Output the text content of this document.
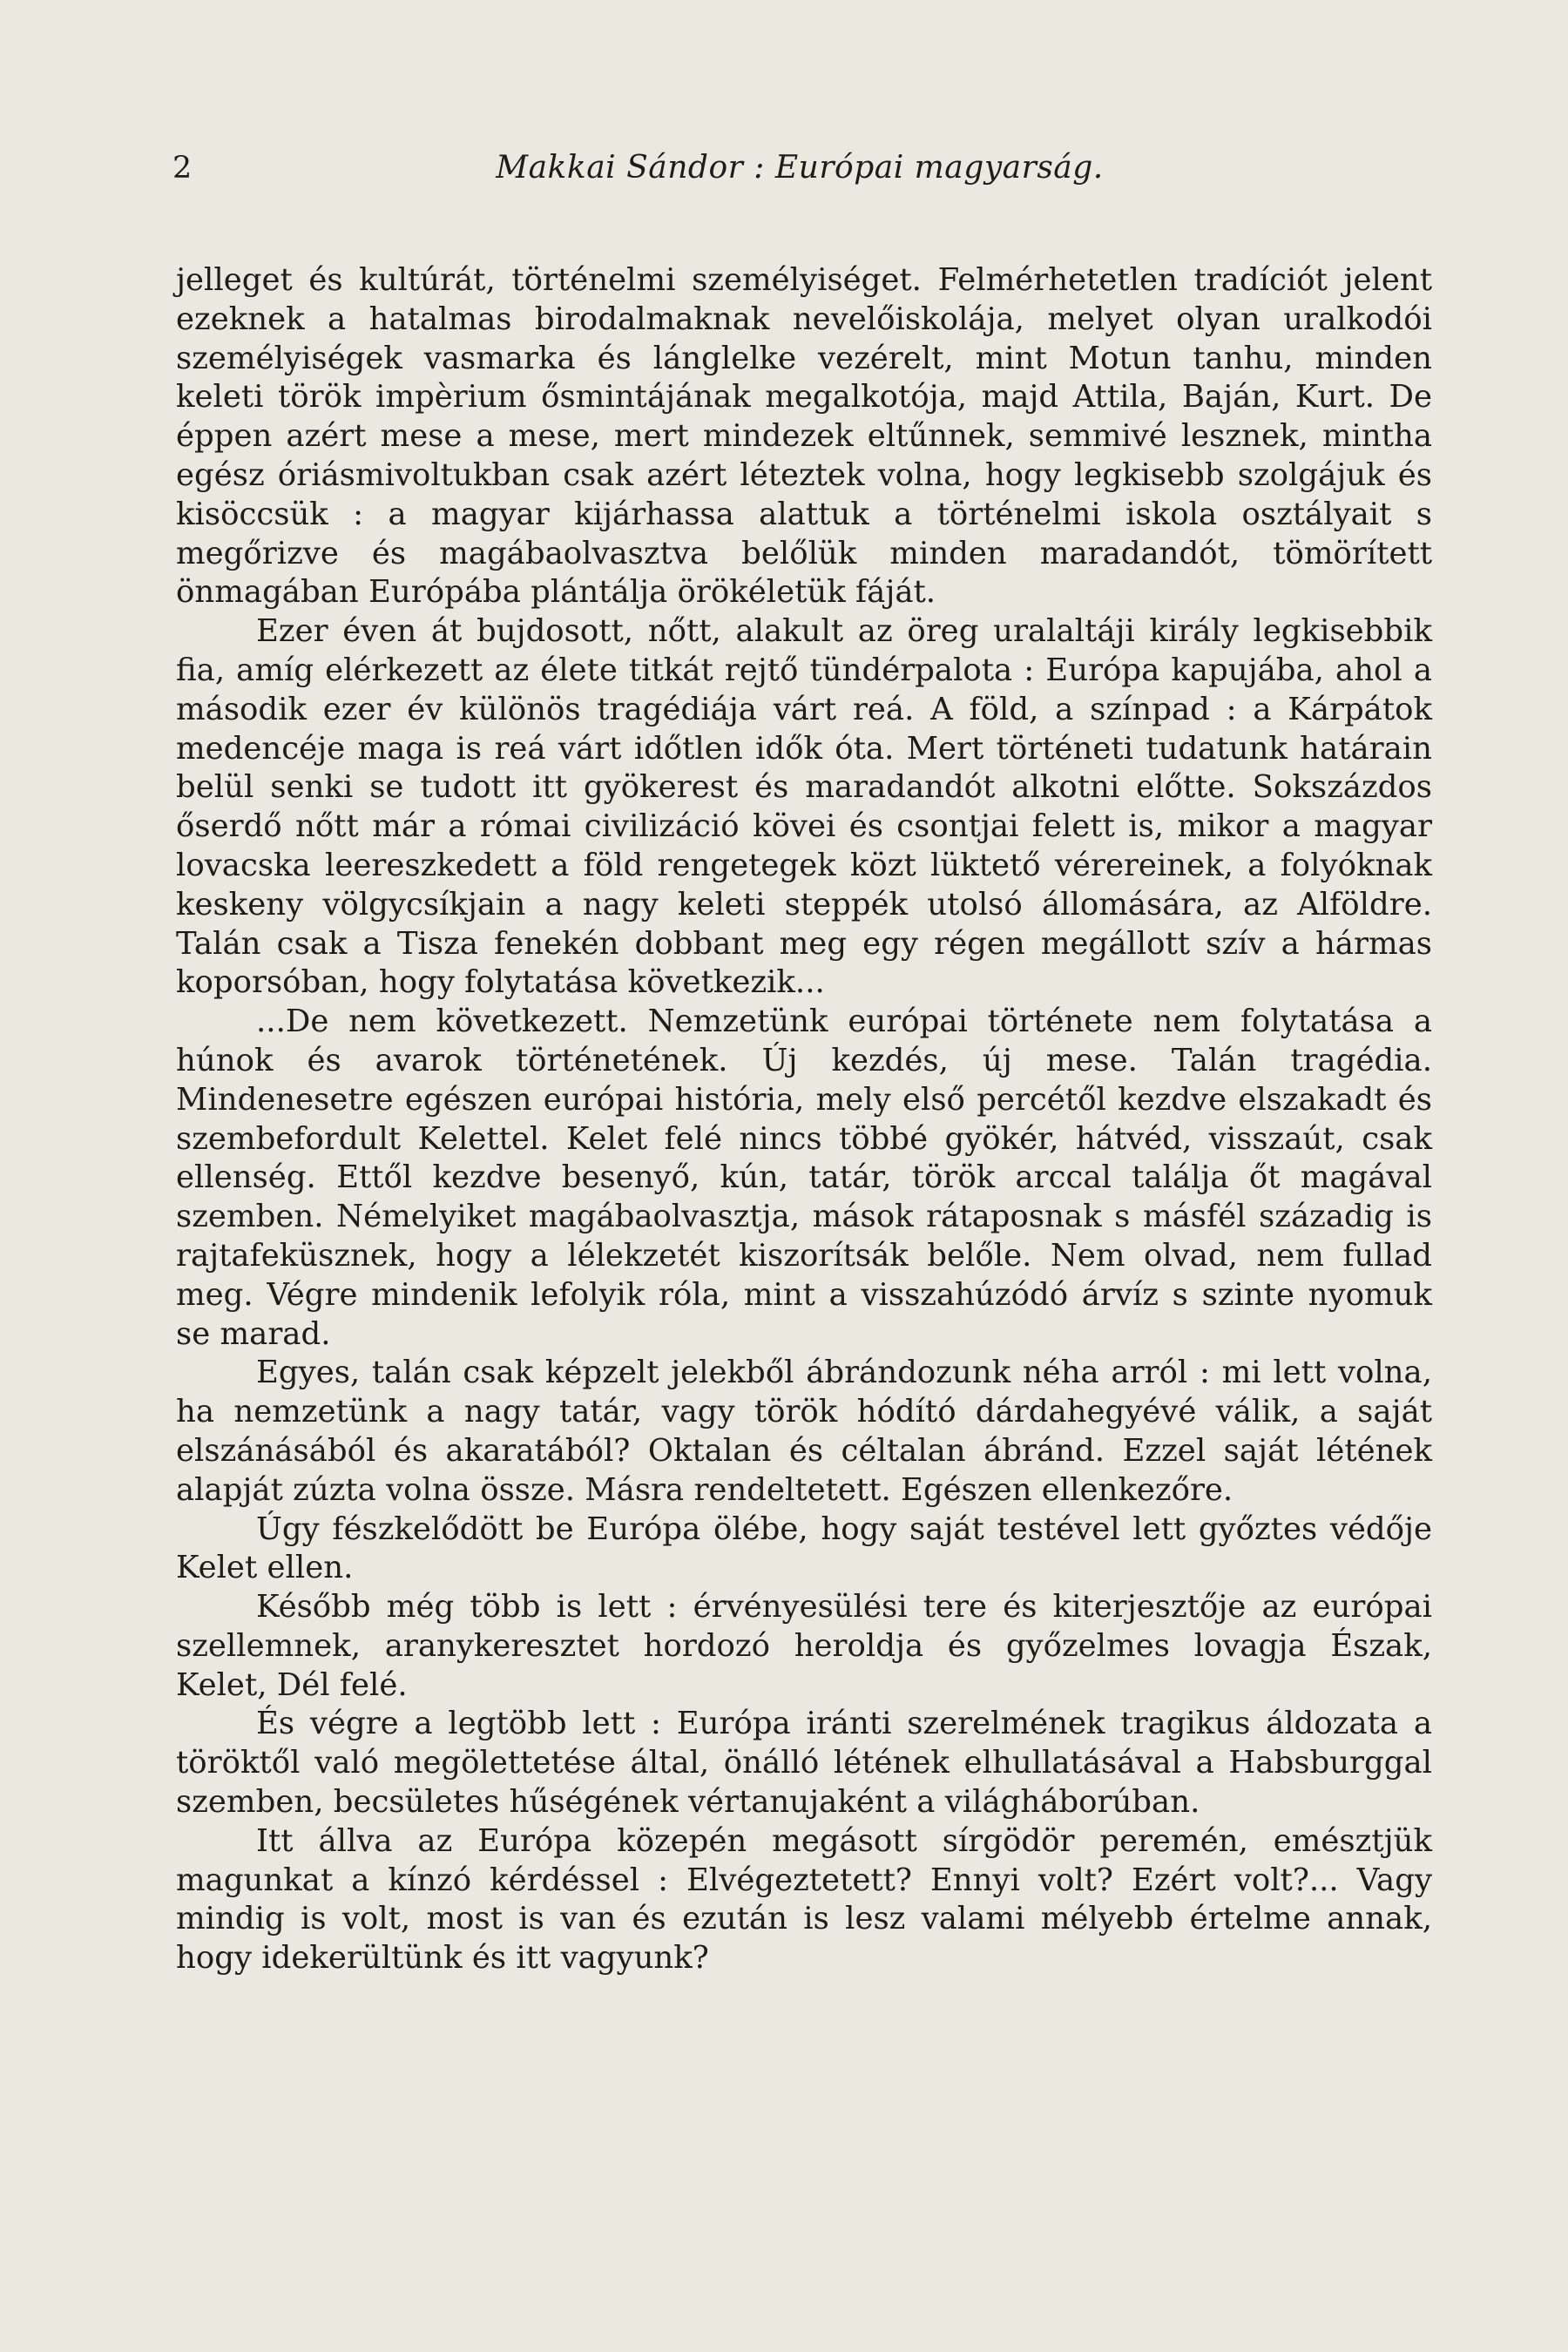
2	Makkai Sándor : Európai magyarság.

jelleget és kultúrát, történelmi személyiséget. Felmérhetetlen tradíciót jelent ezeknek a hatalmas birodalmaknak nevelőiskolája, melyet olyan uralkodói személyiségek vasmarka és lánglelke vezérelt, mint Motun tanhu, minden keleti török impèrium ősmintájának megalkotója, majd Attila, Baján, Kurt. De éppen azért mese a mese, mert mindezek eltűnnek, semmivé lesznek, mintha egész óriásmivoltukban csak azért léteztek volna, hogy legkisebb szolgájuk és kisöccsük : a magyar kijárhassa alattuk a történelmi iskola osztályait s megőrizve és magábaolvasztva belőlük minden maradandót, tömörített önmagában Európába plántálja örökéletük fáját.

Ezer éven át bujdosott, nőtt, alakult az öreg uralaltáji király legkisebbik fia, amíg elérkezett az élete titkát rejtő tündérpalota : Európa kapujába, ahol a második ezer év különös tragédiája várt reá. A föld, a színpad : a Kárpátok medencéje maga is reá várt időtlen idők óta. Mert történeti tudatunk határain belül senki se tudott itt gyökerest és maradandót alkotni előtte. Sokszázdos őserdő nőtt már a római civilizáció kövei és csontjai felett is, mikor a magyar lovacska leereszkedett a föld rengetegek közt lüktető vérereinek, a folyóknak keskeny völgycsíkjain a nagy keleti steppék utolsó állomására, az Alföldre. Talán csak a Tisza fenekén dobbant meg egy régen megállott szív a hármas koporsóban, hogy folytatása következik...

...De nem következett. Nemzetünk európai története nem folytatása a húnok és avarok történetének. Új kezdés, új mese. Talán tragédia. Mindenesetre egészen európai história, mely első percétől kezdve elszakadt és szembefordult Kelettel. Kelet felé nincs többé gyökér, hátvéd, visszaút, csak ellenség. Ettől kezdve besenyő, kún, tatár, török arccal találja őt magával szemben. Némelyiket magábaolvasztja, mások rátaposnak s másfél századig is rajtafeküsznek, hogy a lélekzetét kiszorítsák belőle. Nem olvad, nem fullad meg. Végre mindenik lefolyik róla, mint a visszahúzódó árvíz s szinte nyomuk se marad.

Egyes, talán csak képzelt jelekből ábrándozunk néha arról : mi lett volna, ha nemzetünk a nagy tatár, vagy török hódító dárdahegyévé válik, a saját elszánásából és akaratából? Oktalan és céltalan ábránd. Ezzel saját létének alapját zúzta volna össze. Másra rendeltetett. Egészen ellenkezőre.

Úgy fészkelődött be Európa ölébe, hogy saját testével lett győztes védője Kelet ellen.

Később még több is lett : érvényesülési tere és kiterjesztője az európai szellemnek, aranykeresztet hordozó heroldja és győzelmes lovagja Észak, Kelet, Dél felé.

És végre a legtöbb lett : Európa iránti szerelmének tragikus áldozata a töröktől való megölettetése által, önálló létének elhullatásával a Habsburggal szemben, becsületes hűségének vértanujaként a világháborúban.

Itt állva az Európa közepén megásott sírgödör peremén, emésztjük magunkat a kínzó kérdéssel : Elvégeztetett? Ennyi volt? Ezért volt?... Vagy mindig is volt, most is van és ezután is lesz valami mélyebb értelme annak, hogy idekerültünk és itt vagyunk?
